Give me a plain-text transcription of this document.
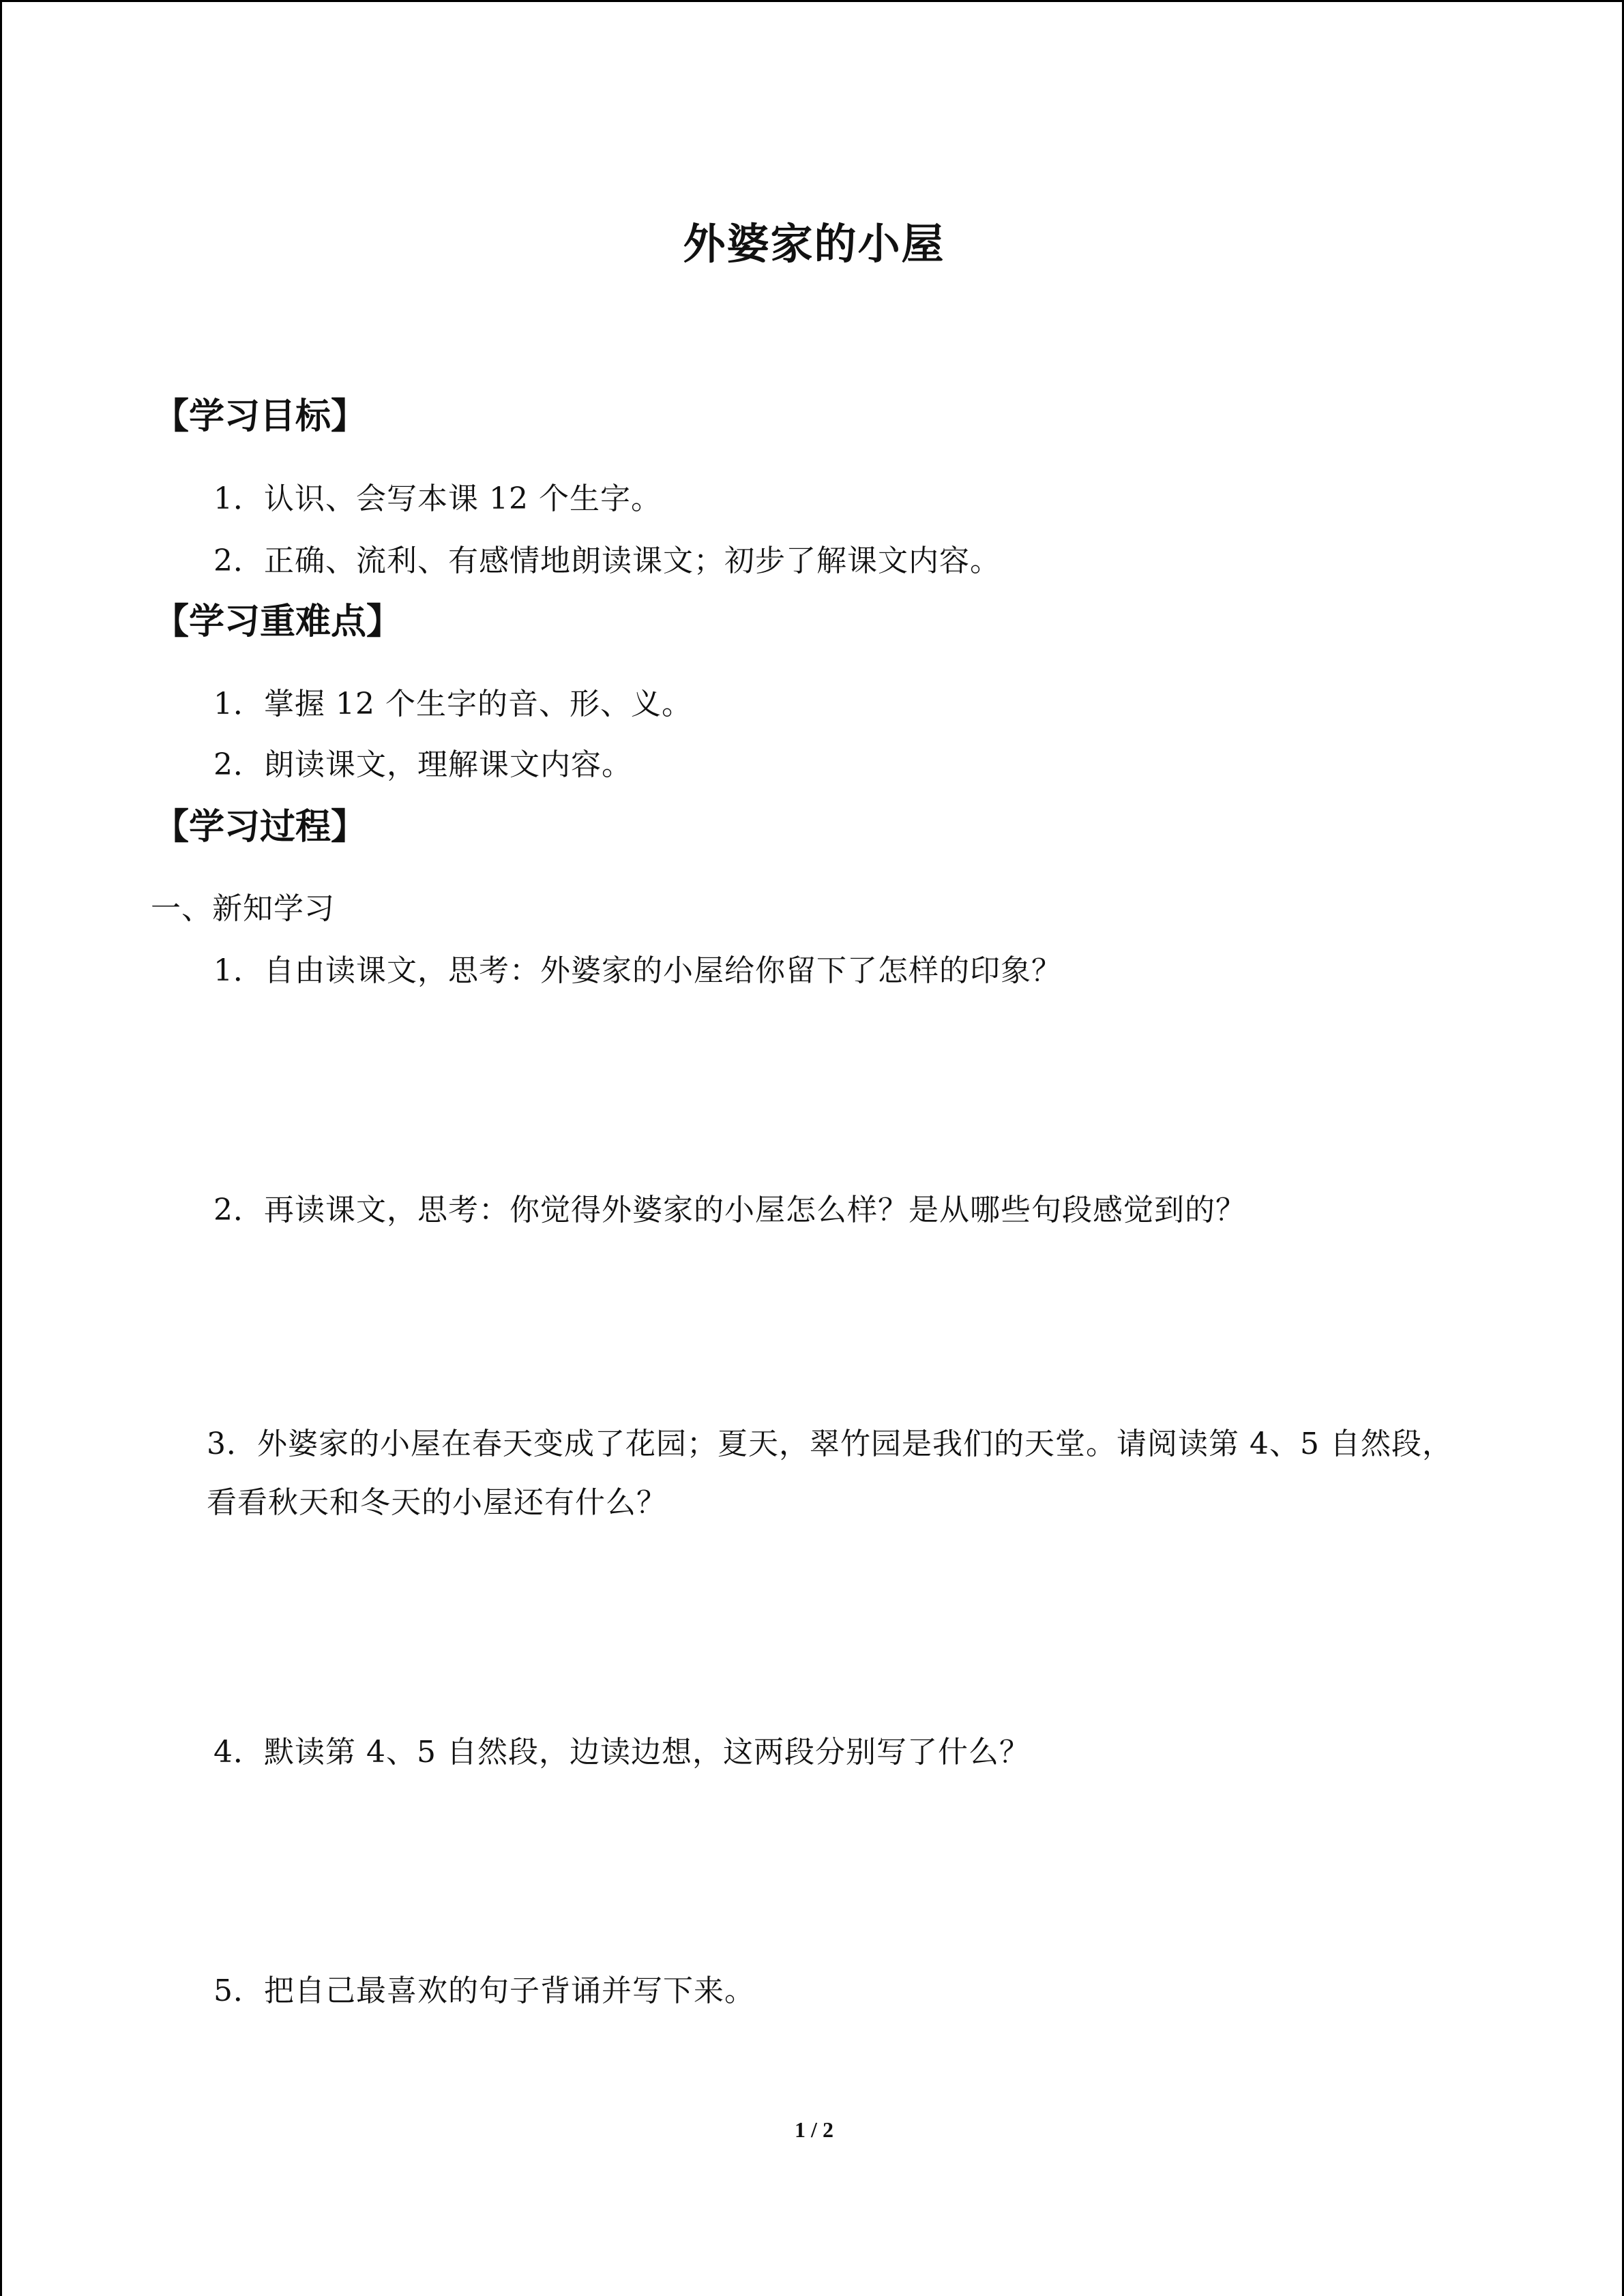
外婆家的小屋
【学习目标】
1．认识、会写本课 12 个生字。
2．正确、流利、有感情地朗读课文；初步了解课文内容。
【学习重难点】
1．掌握 12 个生字的音、形、义。
2．朗读课文，理解课文内容。
【学习过程】
一、新知学习
1．自由读课文，思考：外婆家的小屋给你留下了怎样的印象？
2．再读课文，思考：你觉得外婆家的小屋怎么样？是从哪些句段感觉到的？
3．外婆家的小屋在春天变成了花园；夏天，翠竹园是我们的天堂。请阅读第 4、5 自然段，看看秋天和冬天的小屋还有什么？
4．默读第 4、5 自然段，边读边想，这两段分别写了什么？
5．把自己最喜欢的句子背诵并写下来。
1 / 2
